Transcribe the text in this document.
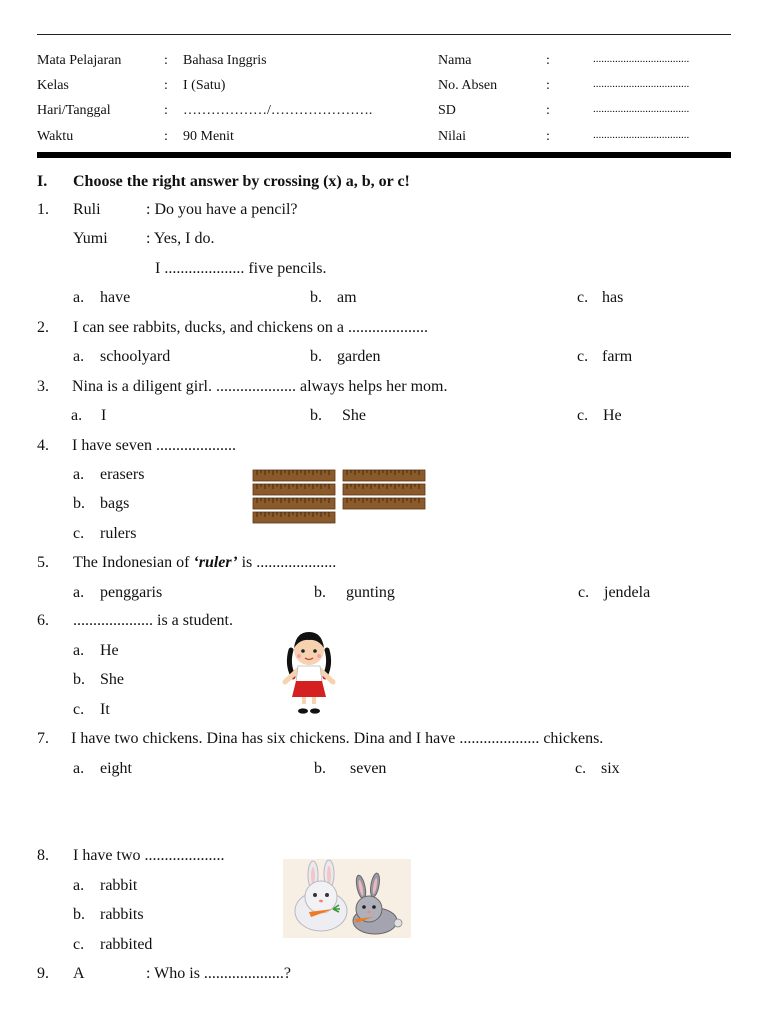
Mata Pelajaran	: Bahasa Inggris	Nama	:	...................................
Kelas	: I (Satu)	No. Absen	:	...................................
Hari/Tanggal	: ………………/………………….	SD	:	...................................
Waktu	: 90 Menit	Nilai	:	...................................
I. Choose the right answer by crossing (x) a, b, or c!
1. Ruli	: Do you have a pencil?
Yumi : Yes, I do.
I .................... five pencils.
a. have	b. am	c. has
2. I can see rabbits, ducks, and chickens on a ....................
a. schoolyard	b. garden	c. farm
3. Nina is a diligent girl. .................... always helps her mom.
a. I	b. She	c. He
4. I have seven ....................
a. erasers
b. bags
c. rulers
5. The Indonesian of ‘ruler’ is ....................
a. penggaris	b. gunting	c. jendela
6. .................... is a student.
a. He
b. She
c. It
7. I have two chickens. Dina has six chickens. Dina and I have .................... chickens.
a. eight	b. seven	c. six
8. I have two ....................
a. rabbit
b. rabbits
c. rabbited
9. A	: Who is ....................?
